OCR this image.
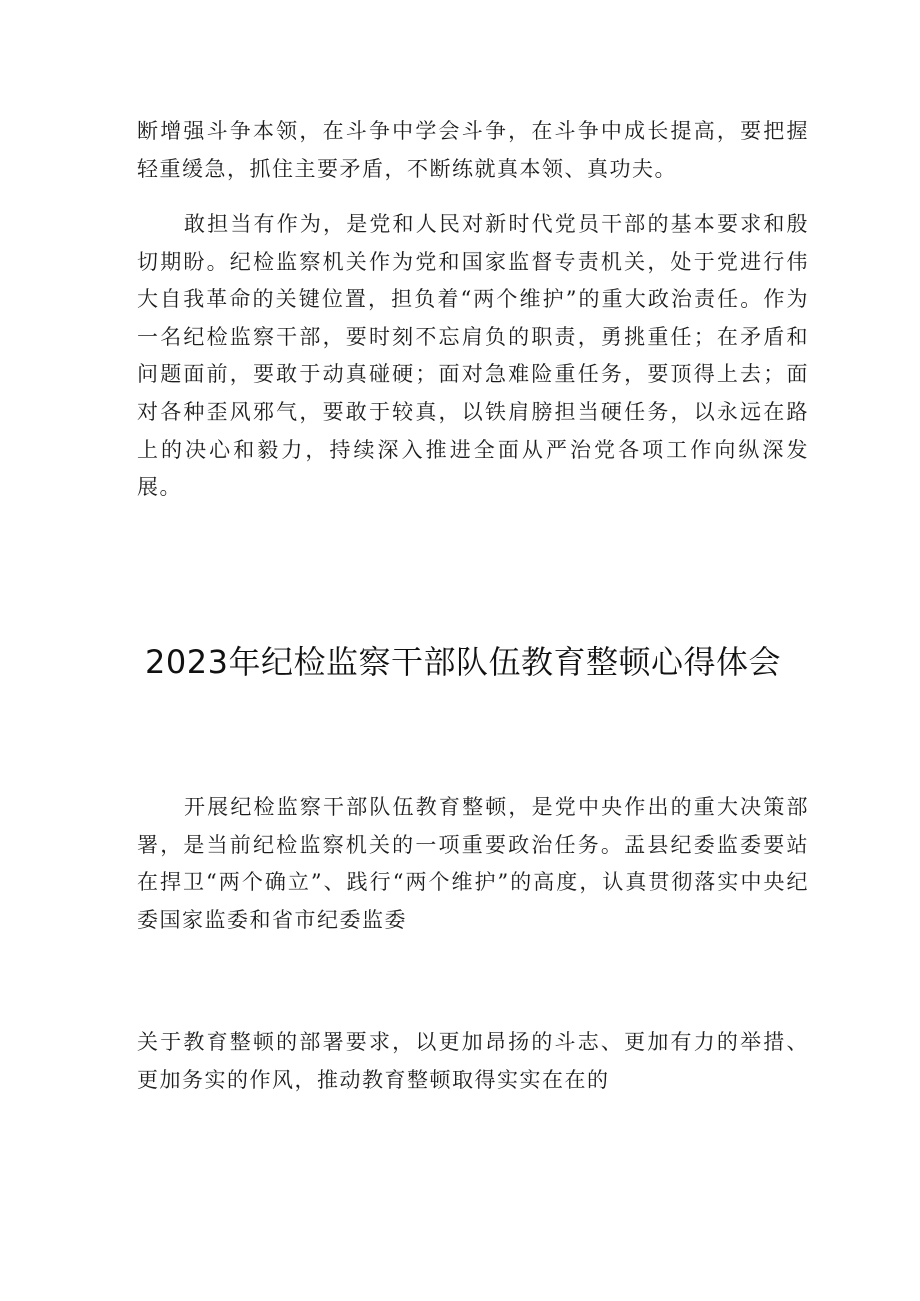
断增强斗争本领，在斗争中学会斗争，在斗争中成长提高，要把握轻重缓急，抓住主要矛盾，不断练就真本领、真功夫。

敢担当有作为，是党和人民对新时代党员干部的基本要求和殷切期盼。纪检监察机关作为党和国家监督专责机关，处于党进行伟大自我革命的关键位置，担负着“两个维护”的重大政治责任。作为一名纪检监察干部，要时刻不忘肩负的职责，勇挑重任；在矛盾和问题面前，要敢于动真碰硬；面对急难险重任务，要顶得上去；面对各种歪风邪气，要敢于较真，以铁肩膀担当硬任务，以永远在路上的决心和毅力，持续深入推进全面从严治党各项工作向纵深发展。

2023年纪检监察干部队伍教育整顿心得体会

开展纪检监察干部队伍教育整顿，是党中央作出的重大决策部署，是当前纪检监察机关的一项重要政治任务。盂县纪委监委要站在捍卫“两个确立”、践行“两个维护”的高度，认真贯彻落实中央纪委国家监委和省市纪委监委

关于教育整顿的部署要求，以更加昂扬的斗志、更加有力的举措、更加务实的作风，推动教育整顿取得实实在在的
